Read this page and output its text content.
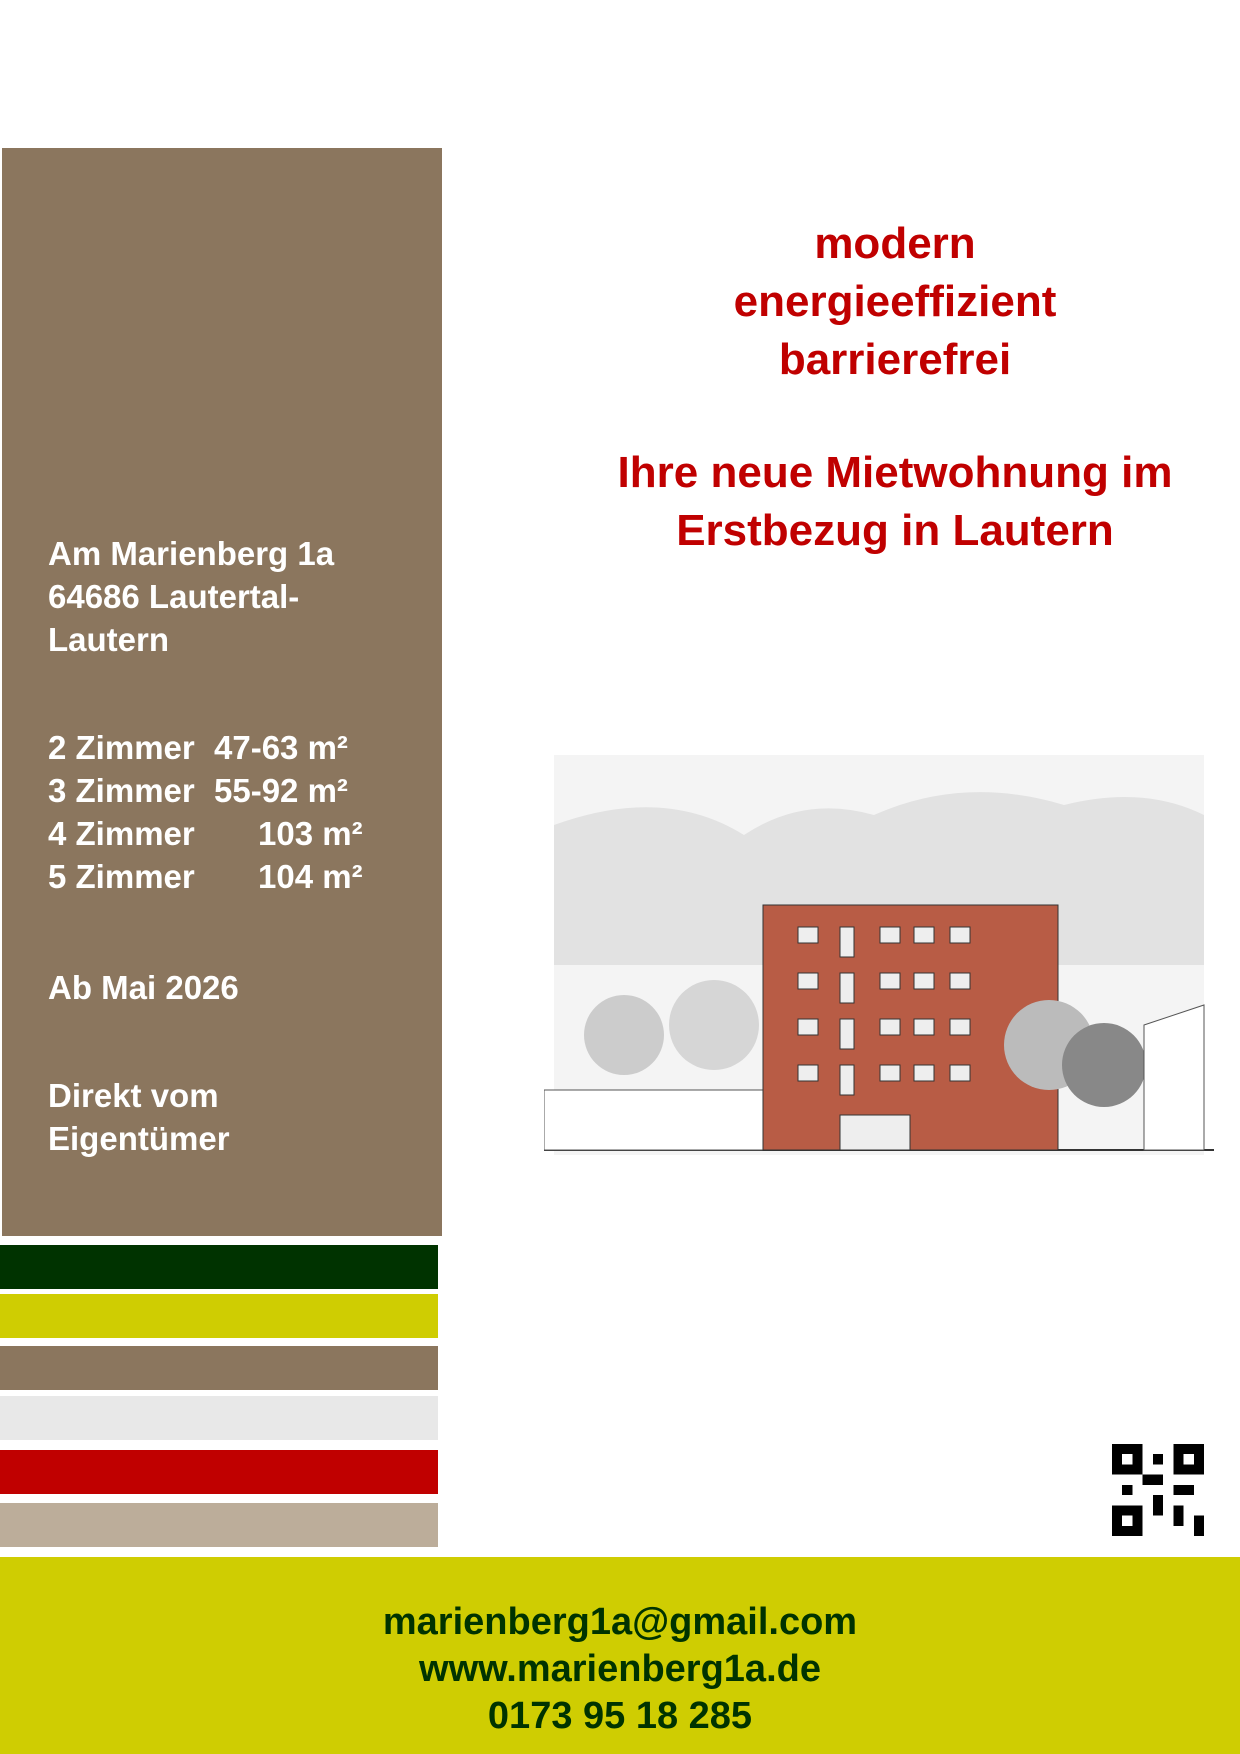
Am Marienberg 1a
64686 Lautertal-
Lautern
2 Zimmer 47-63 m²
3 Zimmer 55-92 m²
4 Zimmer 103 m²
5 Zimmer 104 m²
Ab Mai 2026
Direkt vom
Eigentümer
modern
energieeffizient
barrierefrei
Ihre neue Mietwohnung im
Erstbezug in Lautern
marienberg1a@gmail.com
www.marienberg1a.de
0173 95 18 285
